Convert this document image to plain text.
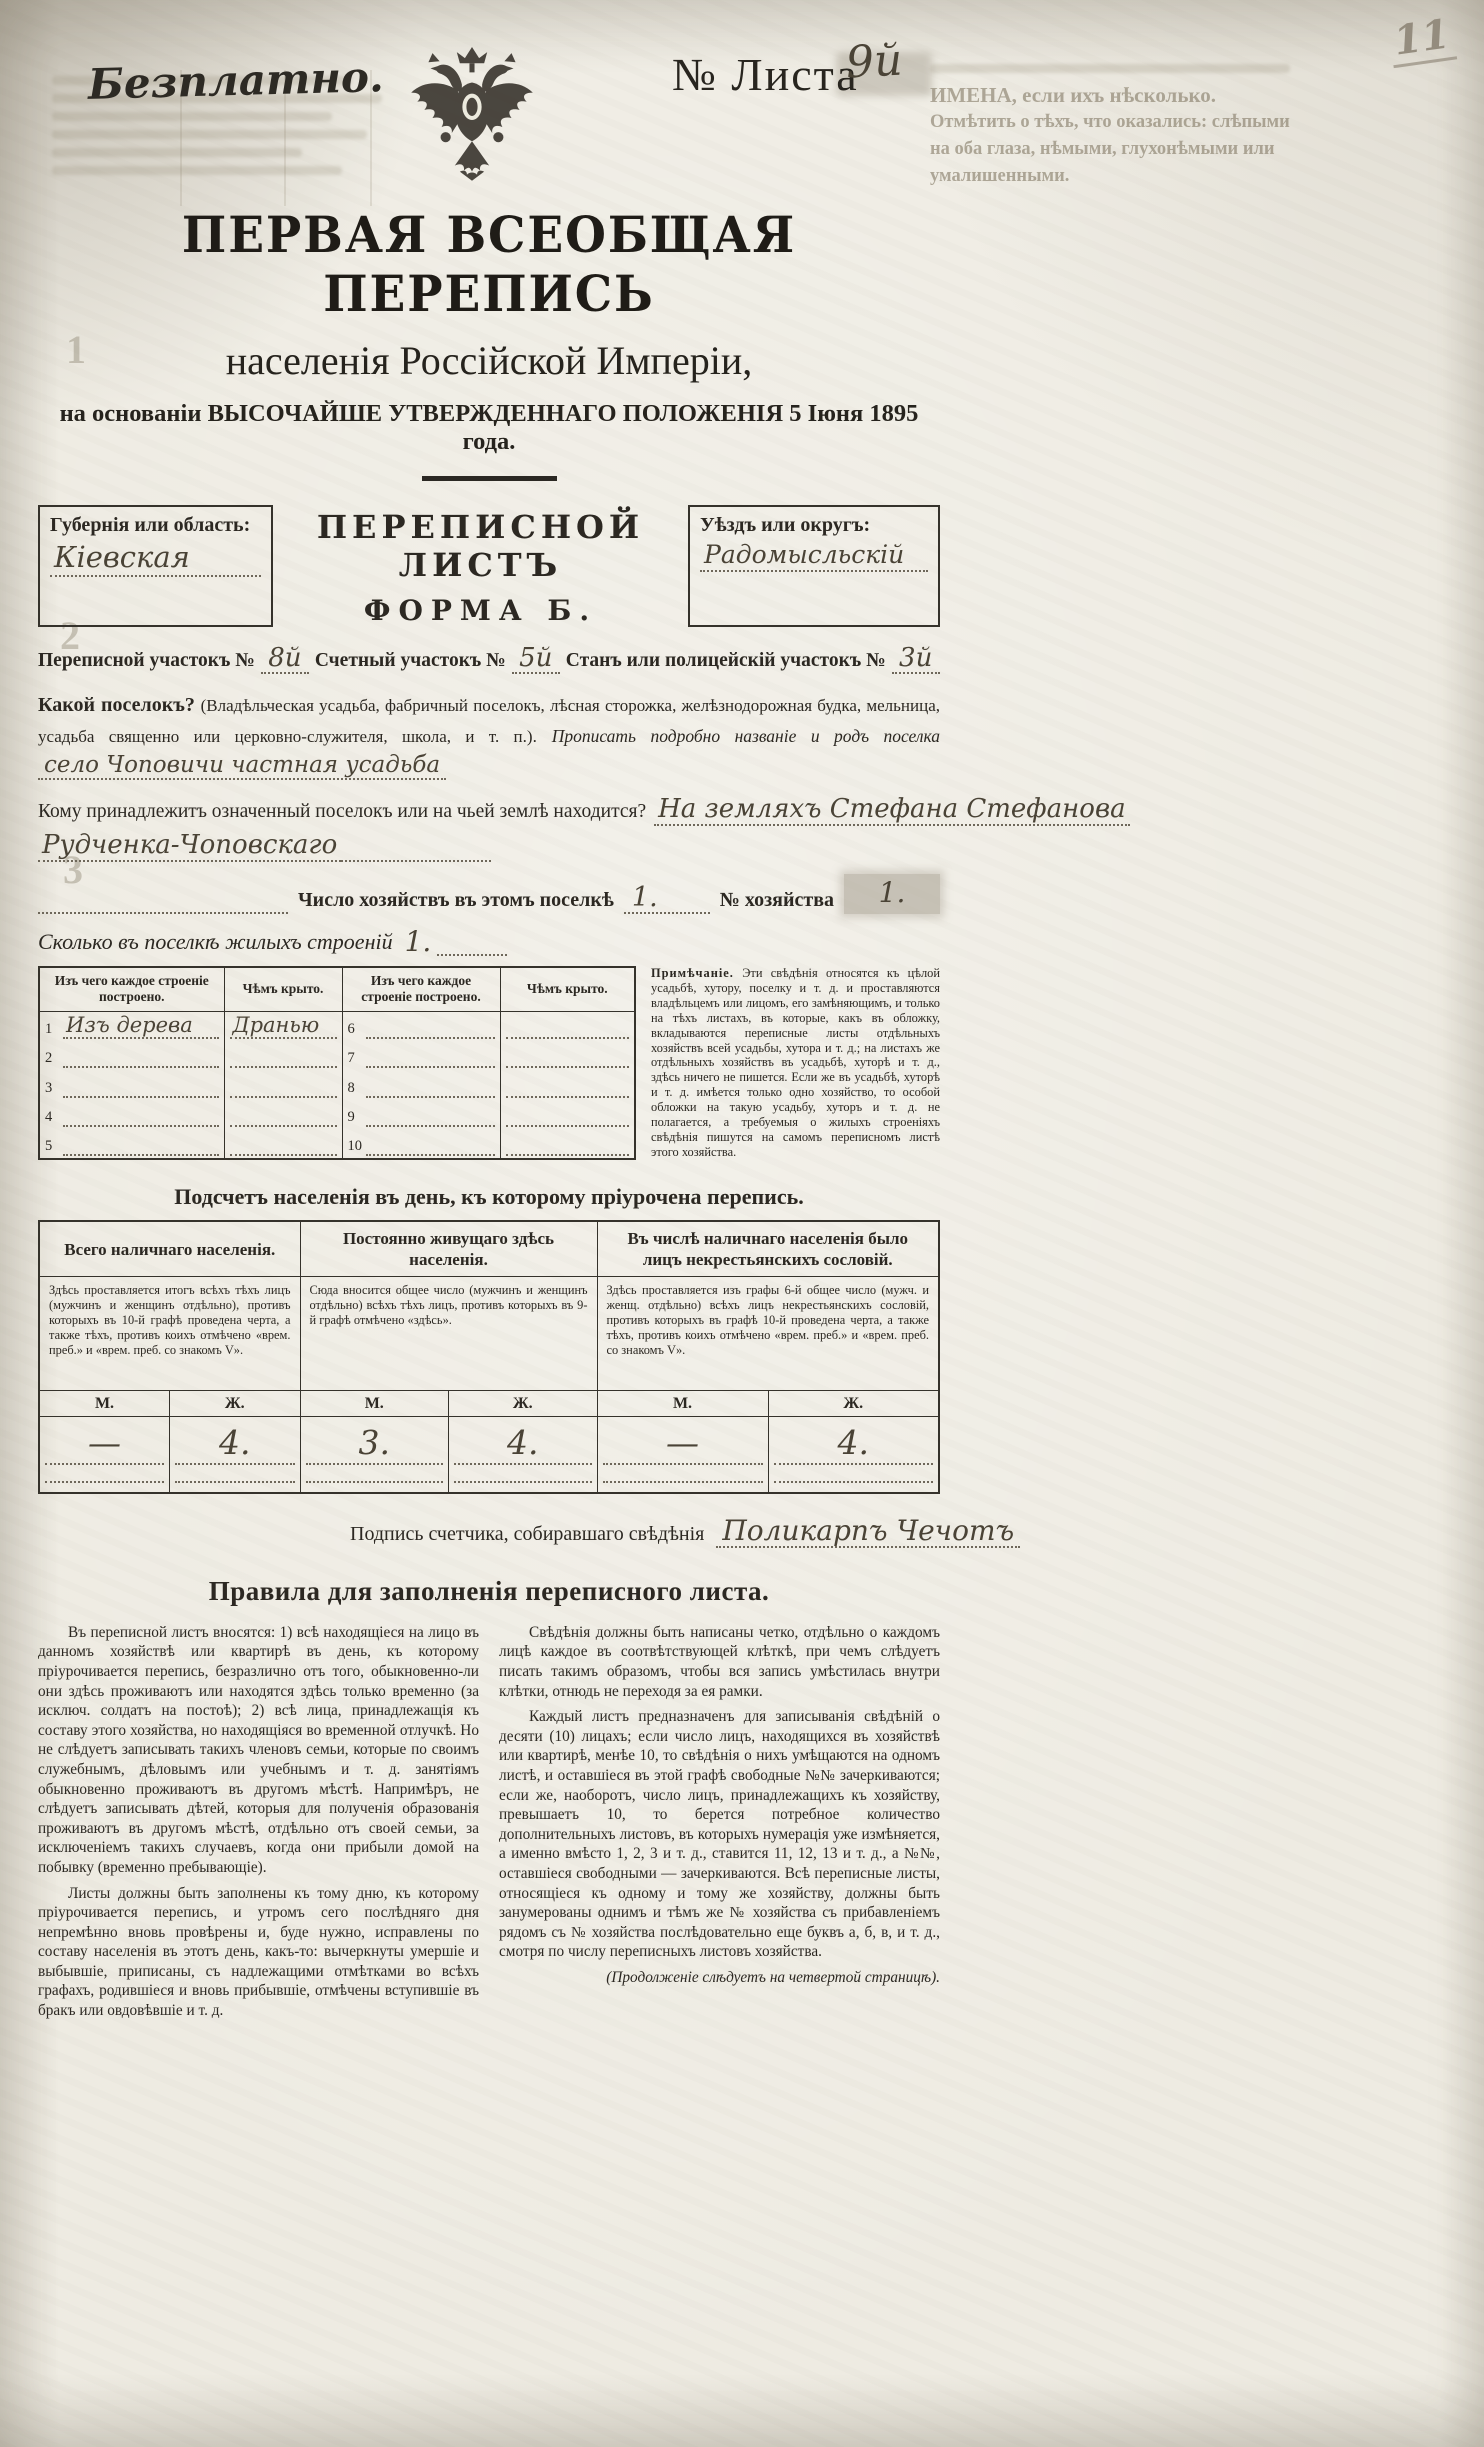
ИМЕНА, если ихъ нѣсколько.
Отмѣтить о тѣхъ, что оказались: слѣпыми
на оба глаза, нѣмыми, глухонѣмыми или
умалишенными.
1
2
3
Безплатно.	№ Листа
9й	11
ПЕРВАЯ ВСЕОБЩАЯ ПЕРЕПИСЬ
населенія Россійской Имперіи,
на основаніи ВЫСОЧАЙШЕ УТВЕРЖДЕННАГО ПОЛОЖЕНІЯ 5 Іюня 1895 года.
Губернія или область:
Кіевская
ПЕРЕПИСНОЙ ЛИСТЪ
ФОРМА Б.
Уѣздъ или округъ:
Радомысльскій
Переписной участокъ № 8й Счетный участокъ № 5й Станъ или полицейскій участокъ № 3й

Какой поселокъ? (Владѣльческая усадьба, фабричный поселокъ, лѣсная сторожка, желѣзнодорожная будка, мельница, усадьба священно или церковно-служителя, школа, и т. п.). Прописать подробно названіе и родъ поселка село Чоповичи частная усадьба

Кому принадлежитъ означенный поселокъ или на чьей землѣ находится? На земляхъ Стефана Стефанова
Рудченка-Чоповскаго
Число хозяйствъ въ этомъ поселкѣ 1.	№ хозяйства	1.
Сколько въ поселкѣ жилыхъ строеній 1.
Изъ чего каждое строеніе построено.	Чѣмъ крыто.	Изъ чего каждое строеніе построено.	Чѣмъ крыто.

1 Изъ дерева	Дранью	6	

2		7	

3		8	

4		9	

5		10	

Примѣчаніе. Эти свѣдѣнія относятся къ цѣлой усадьбѣ, хутору, поселку и т. д. и проставляются владѣльцемъ или лицомъ, его замѣняющимъ, и только на тѣхъ листахъ, въ которые, какъ въ обложку, вкладываются переписные листы отдѣльныхъ хозяйствъ всей усадьбы, хутора и т. д.; на листахъ же отдѣльныхъ хозяйствъ въ усадьбѣ, хуторѣ и т. д., здѣсь ничего не пишется. Если же въ усадьбѣ, хуторѣ и т. д. имѣется только одно хозяйство, то особой обложки на такую усадьбу, хуторъ и т. д. не полагается, а требуемыя о жилыхъ строеніяхъ свѣдѣнія пишутся на самомъ переписномъ листѣ этого хозяйства.
Подсчетъ населенія въ день, къ которому пріурочена перепись.
Всего наличнаго населенія.		Постоянно живущаго здѣсь населенія.		Въ числѣ наличнаго населенія было лицъ некрестьянскихъ сословій.	

Здѣсь проставляется итогъ всѣхъ тѣхъ лицъ (мужчинъ и женщинъ отдѣльно), противъ которыхъ въ 10-й графѣ проведена черта, а также тѣхъ, противъ коихъ отмѣчено «врем. преб.» и «врем. преб. со знакомъ V».		Сюда вносится общее число (мужчинъ и женщинъ отдѣльно) всѣхъ тѣхъ лицъ, противъ которыхъ въ 9-й графѣ отмѣчено «здѣсь».		Здѣсь проставляется изъ графы 6-й общее число (мужч. и женщ. отдѣльно) всѣхъ лицъ некрестьянскихъ сословій, противъ которыхъ въ графѣ 10-й проведена черта, а также тѣхъ, противъ коихъ отмѣчено «врем. преб.» и «врем. преб. со знакомъ V».	
М.	Ж.	М.	Ж.	М.	Ж.

—	4.	3.	4.	—	4.
Подпись счетчика, собиравшаго свѣдѣнія Поликарпъ Чечотъ
Правила для заполненія переписного листа.

Въ переписной листъ вносятся: 1) всѣ находящіеся на лицо въ данномъ хозяйствѣ или квартирѣ въ день, къ которому пріурочивается перепись, безразлично отъ того, обыкновенно-ли они здѣсь проживаютъ или находятся здѣсь только временно (за исключ. солдатъ на постоѣ); 2) всѣ лица, принадлежащія къ составу этого хозяйства, но находящіяся во временной отлучкѣ. Но не слѣдуетъ записывать такихъ членовъ семьи, которые по своимъ служебнымъ, дѣловымъ или учебнымъ и т. д. занятіямъ обыкновенно проживаютъ въ другомъ мѣстѣ. Напримѣръ, не слѣдуетъ записывать дѣтей, которыя для полученія образованія проживаютъ въ другомъ мѣстѣ, отдѣльно отъ своей семьи, за исключеніемъ такихъ случаевъ, когда они прибыли домой на побывку (временно пребывающіе).

Листы должны быть заполнены къ тому дню, къ которому пріурочивается перепись, и утромъ сего послѣдняго дня непремѣнно вновь провѣрены и, буде нужно, исправлены по составу населенія въ этотъ день, какъ-то: вычеркнуты умершіе и выбывшіе, приписаны, съ надлежащими отмѣтками во всѣхъ графахъ, родившіеся и вновь прибывшіе, отмѣчены вступившіе въ бракъ или овдовѣвшіе и т. д.

Свѣдѣнія должны быть написаны четко, отдѣльно о каждомъ лицѣ каждое въ соотвѣтствующей клѣткѣ, при чемъ слѣдуетъ писать такимъ образомъ, чтобы вся запись умѣстилась внутри клѣтки, отнюдь не переходя за ея рамки.

Каждый листъ предназначенъ для записыванія свѣдѣній о десяти (10) лицахъ; если число лицъ, находящихся въ хозяйствѣ или квартирѣ, менѣе 10, то свѣдѣнія о нихъ умѣщаются на одномъ листѣ, и оставшіеся въ этой графѣ свободные №№ зачеркиваются; если же, наоборотъ, число лицъ, принадлежащихъ къ хозяйству, превышаетъ 10, то берется потребное количество дополнительныхъ листовъ, въ которыхъ нумерація уже измѣняется, а именно вмѣсто 1, 2, 3 и т. д., ставится 11, 12, 13 и т. д., а №№, оставшіеся свободными — зачеркиваются. Всѣ переписные листы, относящіеся къ одному и тому же хозяйству, должны быть занумерованы однимъ и тѣмъ же № хозяйства съ прибавленіемъ рядомъ съ № хозяйства послѣдовательно еще буквъ а, б, в, и т. д., смотря по числу переписныхъ листовъ хозяйства.

(Продолженіе слѣдуетъ на четвертой страницѣ).
